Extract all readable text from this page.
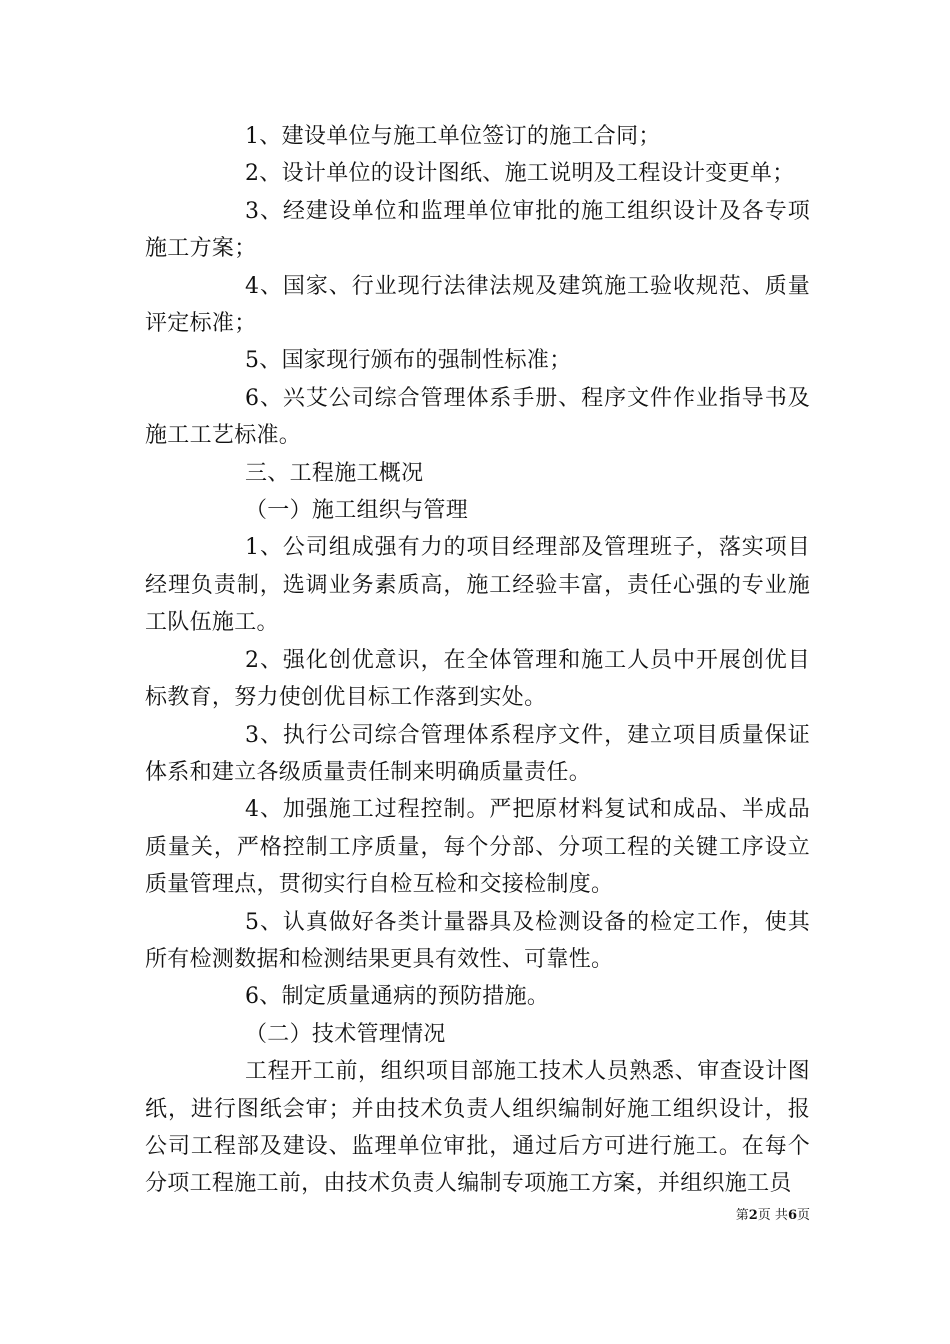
1、建设单位与施工单位签订的施工合同；

2、设计单位的设计图纸、施工说明及工程设计变更单；

3、经建设单位和监理单位审批的施工组织设计及各专项施工方案；

4、国家、行业现行法律法规及建筑施工验收规范、质量评定标准；

5、国家现行颁布的强制性标准；

6、兴艾公司综合管理体系手册、程序文件作业指导书及施工工艺标准。

三、工程施工概况

（一）施工组织与管理

1、公司组成强有力的项目经理部及管理班子，落实项目经理负责制，选调业务素质高，施工经验丰富，责任心强的专业施工队伍施工。

2、强化创优意识，在全体管理和施工人员中开展创优目标教育，努力使创优目标工作落到实处。

3、执行公司综合管理体系程序文件，建立项目质量保证体系和建立各级质量责任制来明确质量责任。

4、加强施工过程控制。严把原材料复试和成品、半成品质量关，严格控制工序质量，每个分部、分项工程的关键工序设立质量管理点，贯彻实行自检互检和交接检制度。

5、认真做好各类计量器具及检测设备的检定工作，使其所有检测数据和检测结果更具有效性、可靠性。

6、制定质量通病的预防措施。

（二）技术管理情况

工程开工前，组织项目部施工技术人员熟悉、审查设计图纸，进行图纸会审；并由技术负责人组织编制好施工组织设计，报公司工程部及建设、监理单位审批，通过后方可进行施工。在每个分项工程施工前，由技术负责人编制专项施工方案，并组织施工员

第2页 共6页
